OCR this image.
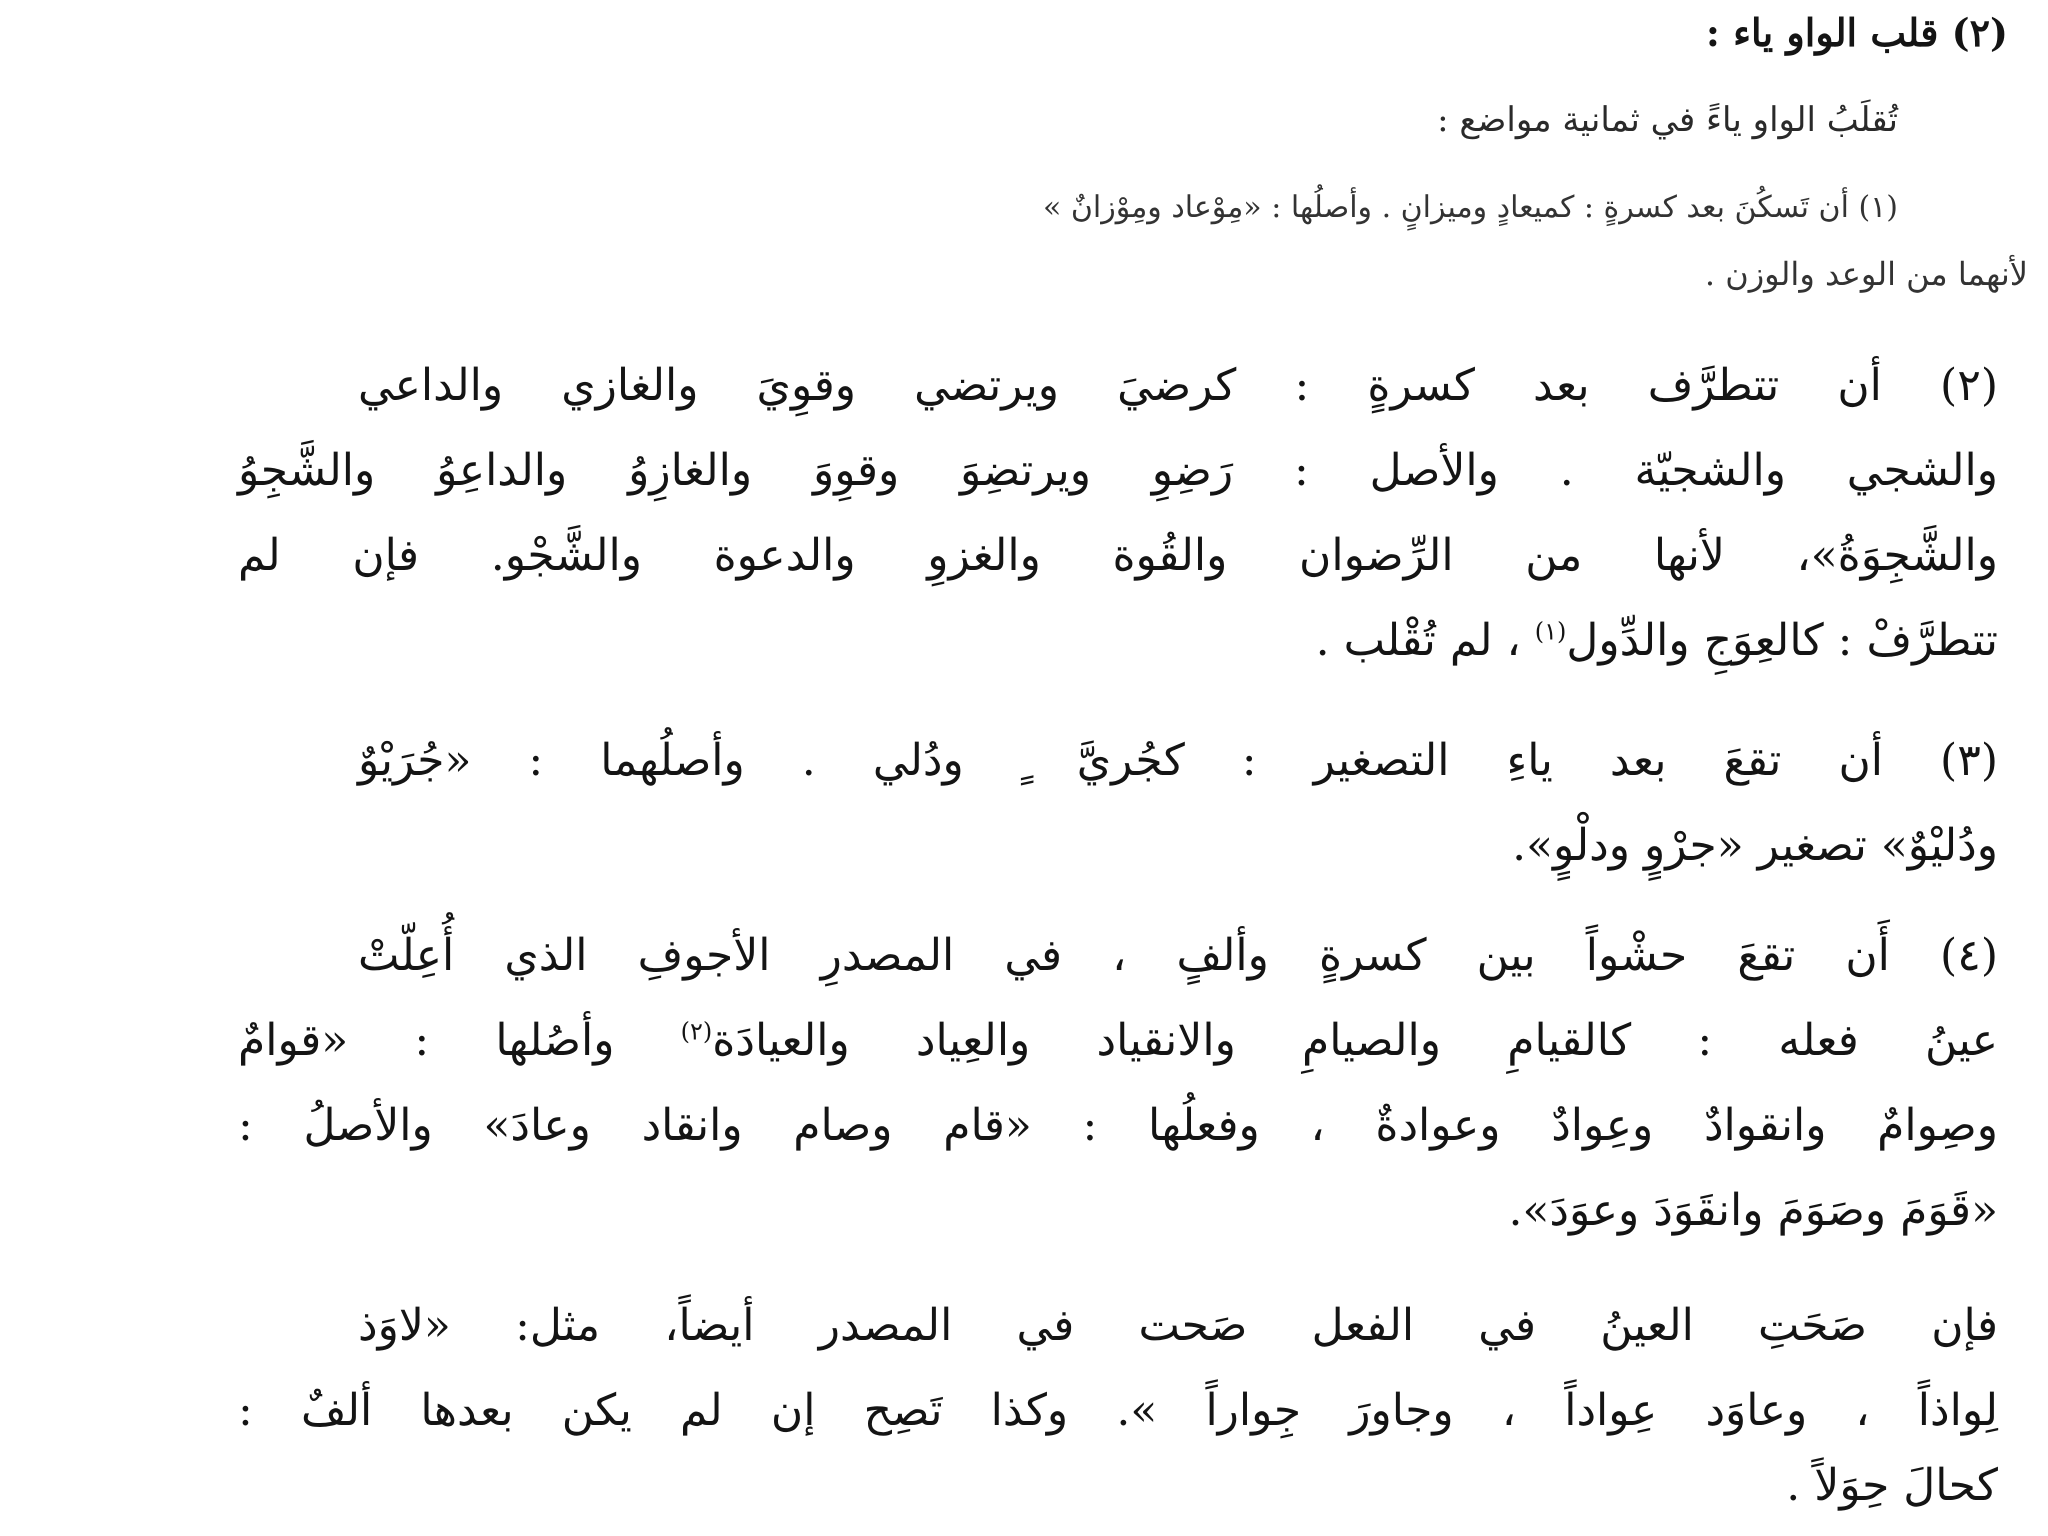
(٢) قلب الواو ياء :
تُقلَبُ الواو ياءً في ثمانية مواضع :
(١) أن تَسكُنَ بعد كسرةٍ : كميعادٍ وميزانٍ . وأصلُها : «مِوْعاد ومِوْزانٌ »
لأنهما من الوعد والوزن .
(٢) أن تتطرَّف بعد كسرةٍ : كرضيَ ويرتضي وقوِيَ والغازي والداعي
والشجي والشجيّة . والأصل : رَضِوِ ويرتضِوَ وقوِوَ والغازِوُ والداعِوُ والشَّجِوُ
والشَّجِوَةُ»، لأنها من الرِّضوان والقُوة والغزوِ والدعوة والشَّجْو. فإن لم
تتطرَّفْ : كالعِوَجِ والدِّول$^{(١)}$ ، لم تُقْلب .
(٣) أن تقعَ بعد ياءِ التصغير : كجُريَّ ٍ ودُلي . وأصلُهما : «جُرَيْوٌ
ودُليْوٌ» تصغير «جرْوٍ ودلْوٍ».
(٤) أَن تقعَ حشْواً بين كسرةٍ وألفٍ ، في المصدرِ الأجوفِ الذي أُعِلّتْ
عينُ فعله : كالقيامِ والصيامِ والانقياد والعِياد والعيادَة$^{(٢)}$ وأصُلها : «قوامٌ
وصِوامٌ وانقوادٌ وعِوادٌ وعوادةٌ ، وفعلُها : «قام وصام وانقاد وعادَ» والأصلُ :
«قَوَمَ وصَوَمَ وانقَوَدَ وعوَدَ».
فإن صَحَتِ العينُ في الفعل صَحت في المصدر أيضاً، مثل: «لاوَذ
لِواذاً ، وعاوَد عِواداً ، وجاورَ جِواراً ». وكذا تَصِح إن لم يكن بعدها ألفٌ :
كحالَ حِوَلاً .
